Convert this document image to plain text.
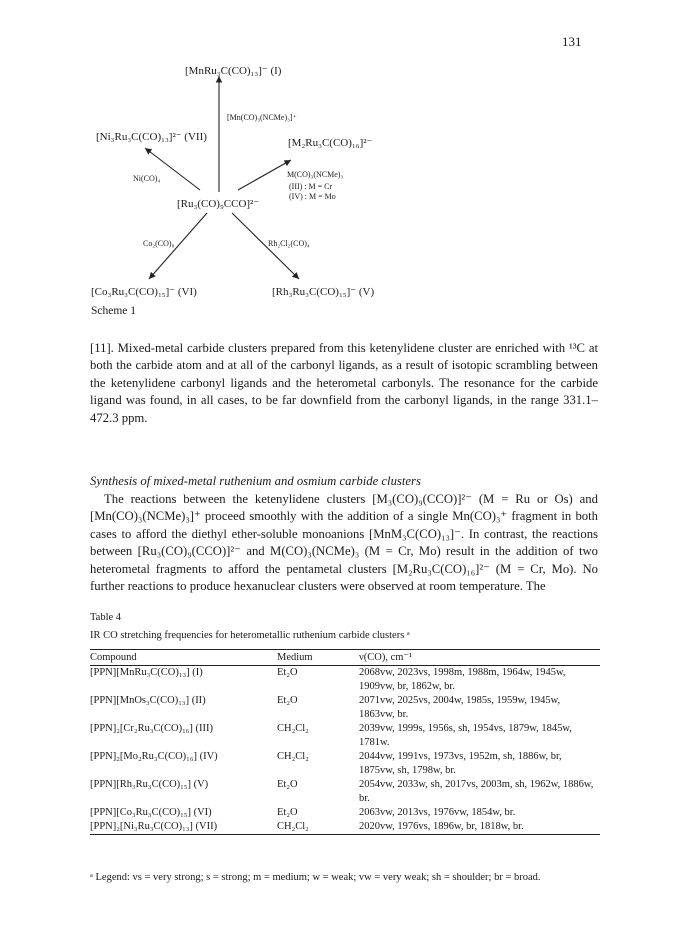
131
[MnRu₃C(CO)₁₃]⁻ (I)
[Mn(CO)₃(NCMe)₃]⁺
[Ni₃Ru₃C(CO)₁₃]²⁻ (VII)	[M₂Ru₃C(CO)₁₆]²⁻
Ni(CO)₄	M(CO)₃(NCMe)₃
(III) : M = Cr
(IV) : M = Mo
[Ru₃(CO)₉CCO]²⁻
Co₂(CO)₈	Rh₂Cl₂(CO)₄
[Co₃Ru₃C(CO)₁₅]⁻ (VI)	[Rh₃Ru₃C(CO)₁₅]⁻ (V)
Scheme 1

[11]. Mixed-metal carbide clusters prepared from this ketenylidene cluster are enriched with ¹³C at both the carbide atom and at all of the carbonyl ligands, as a result of isotopic scrambling between the ketenylidene carbonyl ligands and the heterometal carbonyls. The resonance for the carbide ligand was found, in all cases, to be far downfield from the carbonyl ligands, in the range 331.1–472.3 ppm.

Synthesis of mixed-metal ruthenium and osmium carbide clusters

The reactions between the ketenylidene clusters [M₃(CO)₉(CCO)]²⁻ (M = Ru or Os) and [Mn(CO)₃(NCMe)₃]⁺ proceed smoothly with the addition of a single Mn(CO)₃⁺ fragment in both cases to afford the diethyl ether-soluble monoanions [MnM₃C(CO)₁₃]⁻. In contrast, the reactions between [Ru₃(CO)₉(CCO)]²⁻ and M(CO)₃(NCMe)₃ (M = Cr, Mo) result in the addition of two heterometal fragments to afford the pentametal clusters [M₂Ru₃C(CO)₁₆]²⁻ (M = Cr, Mo). No further reactions to produce hexanuclear clusters were observed at room temperature. The

Table 4
IR CO stretching frequencies for heterometallic ruthenium carbide clusters ᵃ
Compound	Medium	ν(CO), cm⁻¹
[PPN][MnRu₃C(CO)₁₃] (I)	Et₂O	2068vw, 2023vs, 1998m, 1988m, 1964w, 1945w, 1909vw, br, 1862w, br.
[PPN][MnOs₃C(CO)₁₃] (II)	Et₂O	2071vw, 2025vs, 2004w, 1985s, 1959w, 1945w, 1863vw, br.
[PPN]₂[Cr₂Ru₃C(CO)₁₆] (III)	CH₂Cl₂	2039vw, 1999s, 1956s, sh, 1954vs, 1879w, 1845w, 1781w.
[PPN]₂[Mo₂Ru₃C(CO)₁₆] (IV)	CH₂Cl₂	2044vw, 1991vs, 1973vs, 1952m, sh, 1886w, br, 1875vw, sh, 1798w, br.
[PPN][Rh₃Ru₃C(CO)₁₅] (V)	Et₂O	2054vw, 2033w, sh, 2017vs, 2003m, sh, 1962w, 1886w, br.
[PPN][Co₃Ru₃C(CO)₁₅] (VI)	Et₂O	2063vw, 2013vs, 1976vw, 1854w, br.
[PPN]₂[Ni₃Ru₃C(CO)₁₃] (VII)	CH₂Cl₂	2020vw, 1976vs, 1896w, br, 1818w, br.
ᵃ Legend: vs = very strong; s = strong; m = medium; w = weak; vw = very weak; sh = shoulder; br = broad.
